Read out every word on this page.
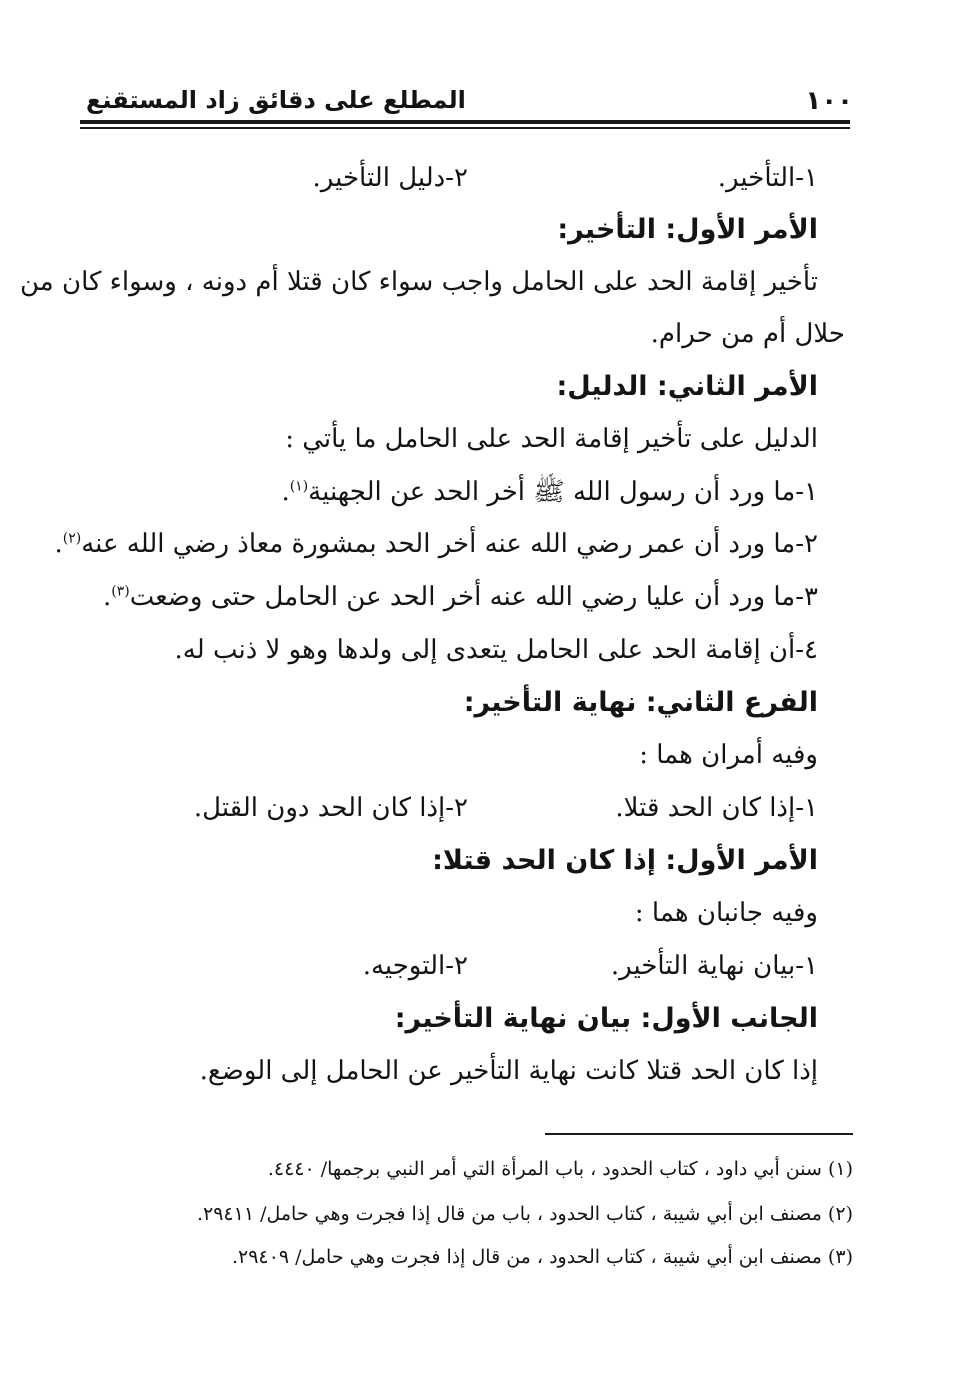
١٠٠
المطلع على دقائق زاد المستقنع
١-التأخير.
٢-دليل التأخير.
الأمر الأول: التأخير:
تأخير إقامة الحد على الحامل واجب سواء كان قتلا أم دونه ، وسواء كان من
حلال أم من حرام.
الأمر الثاني: الدليل:
الدليل على تأخير إقامة الحد على الحامل ما يأتي :
١-ما ورد أن رسول الله ﷺ أخر الحد عن الجهنية$^{(١)}$.
٢-ما ورد أن عمر رضي الله عنه أخر الحد بمشورة معاذ رضي الله عنه$^{(٢)}$.
٣-ما ورد أن عليا رضي الله عنه أخر الحد عن الحامل حتى وضعت$^{(٣)}$.
٤-أن إقامة الحد على الحامل يتعدى إلى ولدها وهو لا ذنب له.
الفرع الثاني: نهاية التأخير:
وفيه أمران هما :
١-إذا كان الحد قتلا.
٢-إذا كان الحد دون القتل.
الأمر الأول: إذا كان الحد قتلا:
وفيه جانبان هما :
١-بيان نهاية التأخير.
٢-التوجيه.
الجانب الأول: بيان نهاية التأخير:
إذا كان الحد قتلا كانت نهاية التأخير عن الحامل إلى الوضع.
(١) سنن أبي داود ، كتاب الحدود ، باب المرأة التي أمر النبي برجمها/ ٤٤٤٠.
(٢) مصنف ابن أبي شيبة ، كتاب الحدود ، باب من قال إذا فجرت وهي حامل/ ٢٩٤١١.
(٣) مصنف ابن أبي شيبة ، كتاب الحدود ، من قال إذا فجرت وهي حامل/ ٢٩٤٠٩.
